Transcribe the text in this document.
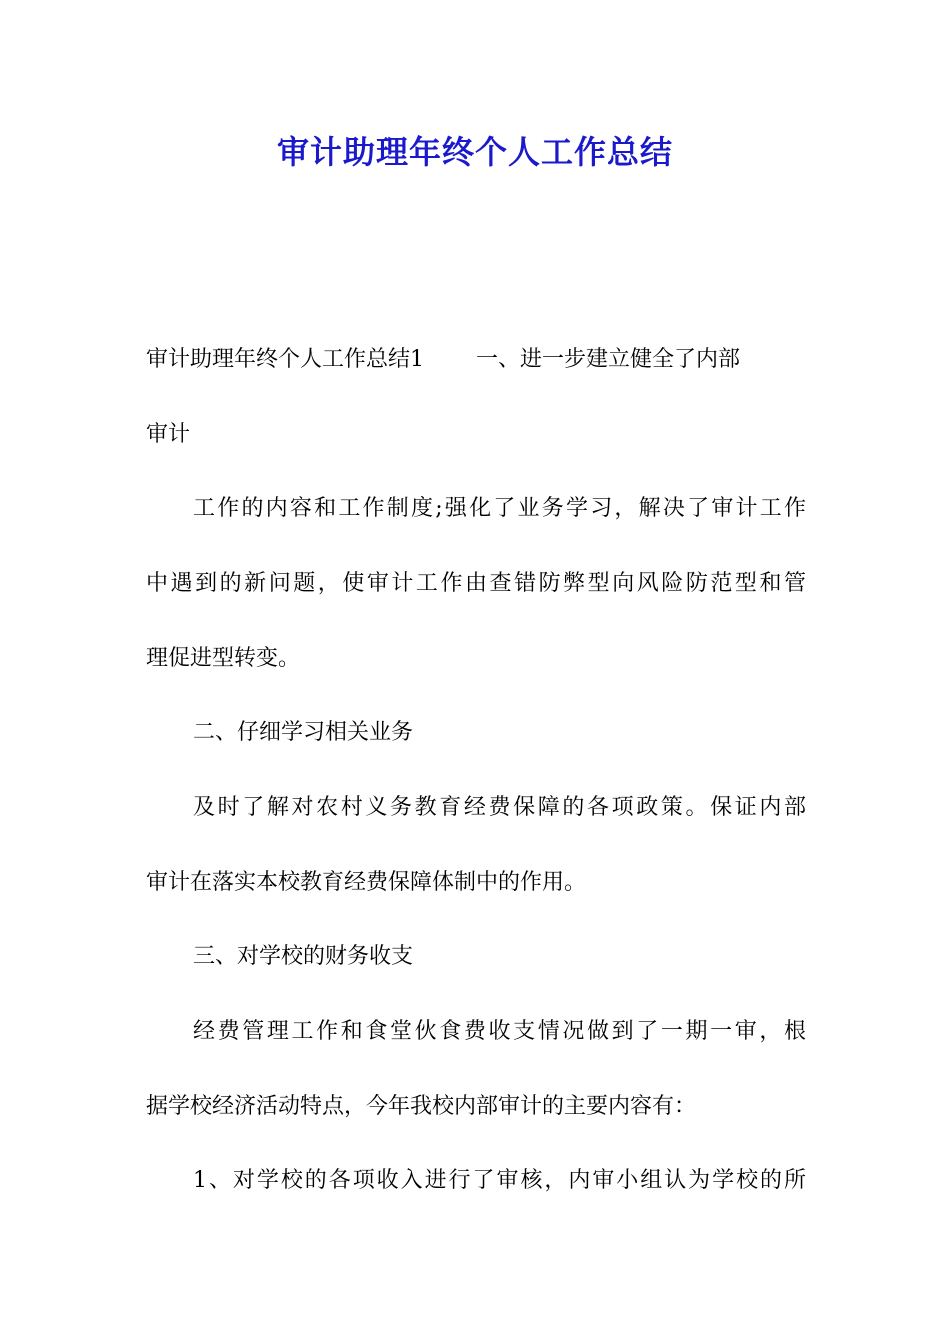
审计助理年终个人工作总结
审计助理年终个人工作总结1 一、进一步建立健全了内部
审计
工作的内容和工作制度;强化了业务学习，解决了审计工作
中遇到的新问题，使审计工作由查错防弊型向风险防范型和管
理促进型转变。
二、仔细学习相关业务
及时了解对农村义务教育经费保障的各项政策。保证内部
审计在落实本校教育经费保障体制中的作用。
三、对学校的财务收支
经费管理工作和食堂伙食费收支情况做到了一期一审，根
据学校经济活动特点，今年我校内部审计的主要内容有：
1、对学校的各项收入进行了审核，内审小组认为学校的所
